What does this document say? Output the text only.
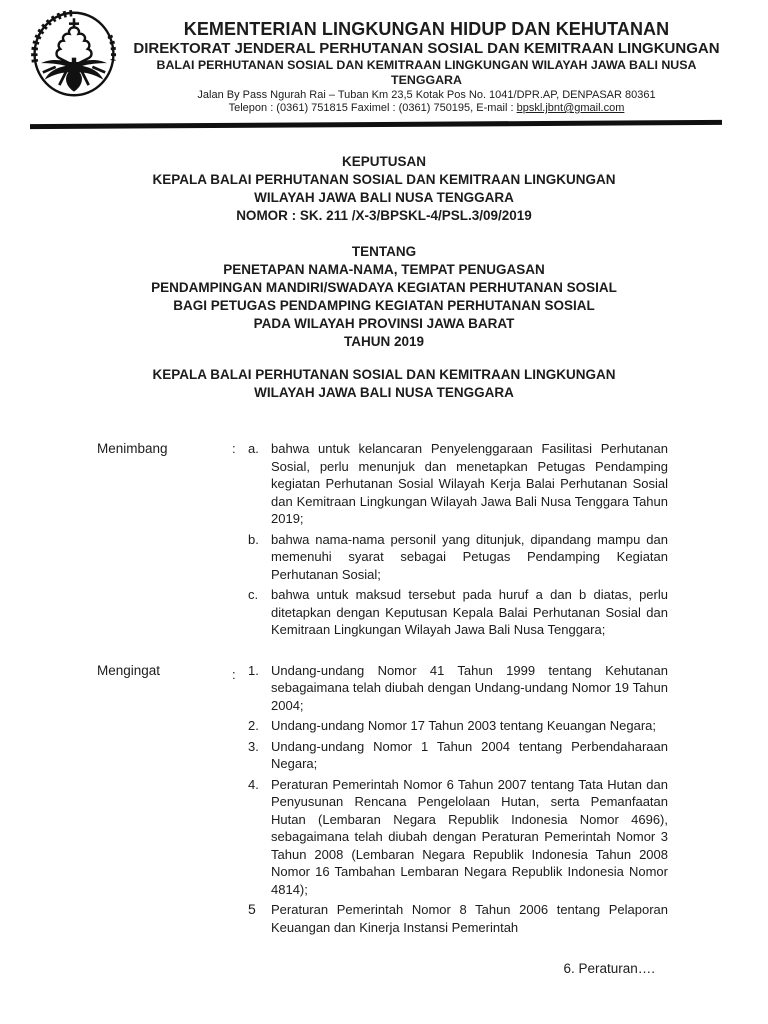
KEMENTERIAN LINGKUNGAN HIDUP DAN KEHUTANAN
DIREKTORAT JENDERAL PERHUTANAN SOSIAL DAN KEMITRAAN LINGKUNGAN
BALAI PERHUTANAN SOSIAL DAN KEMITRAAN LINGKUNGAN WILAYAH JAWA BALI NUSA TENGGARA
Jalan By Pass Ngurah Rai – Tuban Km 23,5 Kotak Pos No. 1041/DPR.AP, DENPASAR 80361
Telepon : (0361) 751815 Faximel : (0361) 750195, E-mail : bpskl.jbnt@gmail.com
KEPUTUSAN
KEPALA BALAI PERHUTANAN SOSIAL DAN KEMITRAAN LINGKUNGAN
WILAYAH JAWA BALI NUSA TENGGARA
NOMOR : SK. 211 /X-3/BPSKL-4/PSL.3/09/2019
TENTANG
PENETAPAN NAMA-NAMA, TEMPAT PENUGASAN
PENDAMPINGAN MANDIRI/SWADAYA KEGIATAN PERHUTANAN SOSIAL
BAGI PETUGAS PENDAMPING KEGIATAN PERHUTANAN SOSIAL
PADA WILAYAH PROVINSI JAWA BARAT
TAHUN 2019
KEPALA BALAI PERHUTANAN SOSIAL DAN KEMITRAAN LINGKUNGAN
WILAYAH JAWA BALI NUSA TENGGARA
Menimbang	: a. bahwa untuk kelancaran Penyelenggaraan Fasilitasi Perhutanan Sosial, perlu menunjuk dan menetapkan Petugas Pendamping kegiatan Perhutanan Sosial Wilayah Kerja Balai Perhutanan Sosial dan Kemitraan Lingkungan Wilayah Jawa Bali Nusa Tenggara Tahun 2019;
b. bahwa nama-nama personil yang ditunjuk, dipandang mampu dan memenuhi syarat sebagai Petugas Pendamping Kegiatan Perhutanan Sosial;
c. bahwa untuk maksud tersebut pada huruf a dan b diatas, perlu ditetapkan dengan Keputusan Kepala Balai Perhutanan Sosial dan Kemitraan Lingkungan Wilayah Jawa Bali Nusa Tenggara;
Mengingat	: 1. Undang-undang Nomor 41 Tahun 1999 tentang Kehutanan sebagaimana telah diubah dengan Undang-undang Nomor 19 Tahun 2004;
2. Undang-undang Nomor 17 Tahun 2003 tentang Keuangan Negara;
3. Undang-undang Nomor 1 Tahun 2004 tentang Perbendaharaan Negara;
4. Peraturan Pemerintah Nomor 6 Tahun 2007 tentang Tata Hutan dan Penyusunan Rencana Pengelolaan Hutan, serta Pemanfaatan Hutan (Lembaran Negara Republik Indonesia Nomor 4696), sebagaimana telah diubah dengan Peraturan Pemerintah Nomor 3 Tahun 2008 (Lembaran Negara Republik Indonesia Tahun 2008 Nomor 16 Tambahan Lembaran Negara Republik Indonesia Nomor 4814);
5	Peraturan Pemerintah Nomor 8 Tahun 2006 tentang Pelaporan Keuangan dan Kinerja Instansi Pemerintah
6. Peraturan….
